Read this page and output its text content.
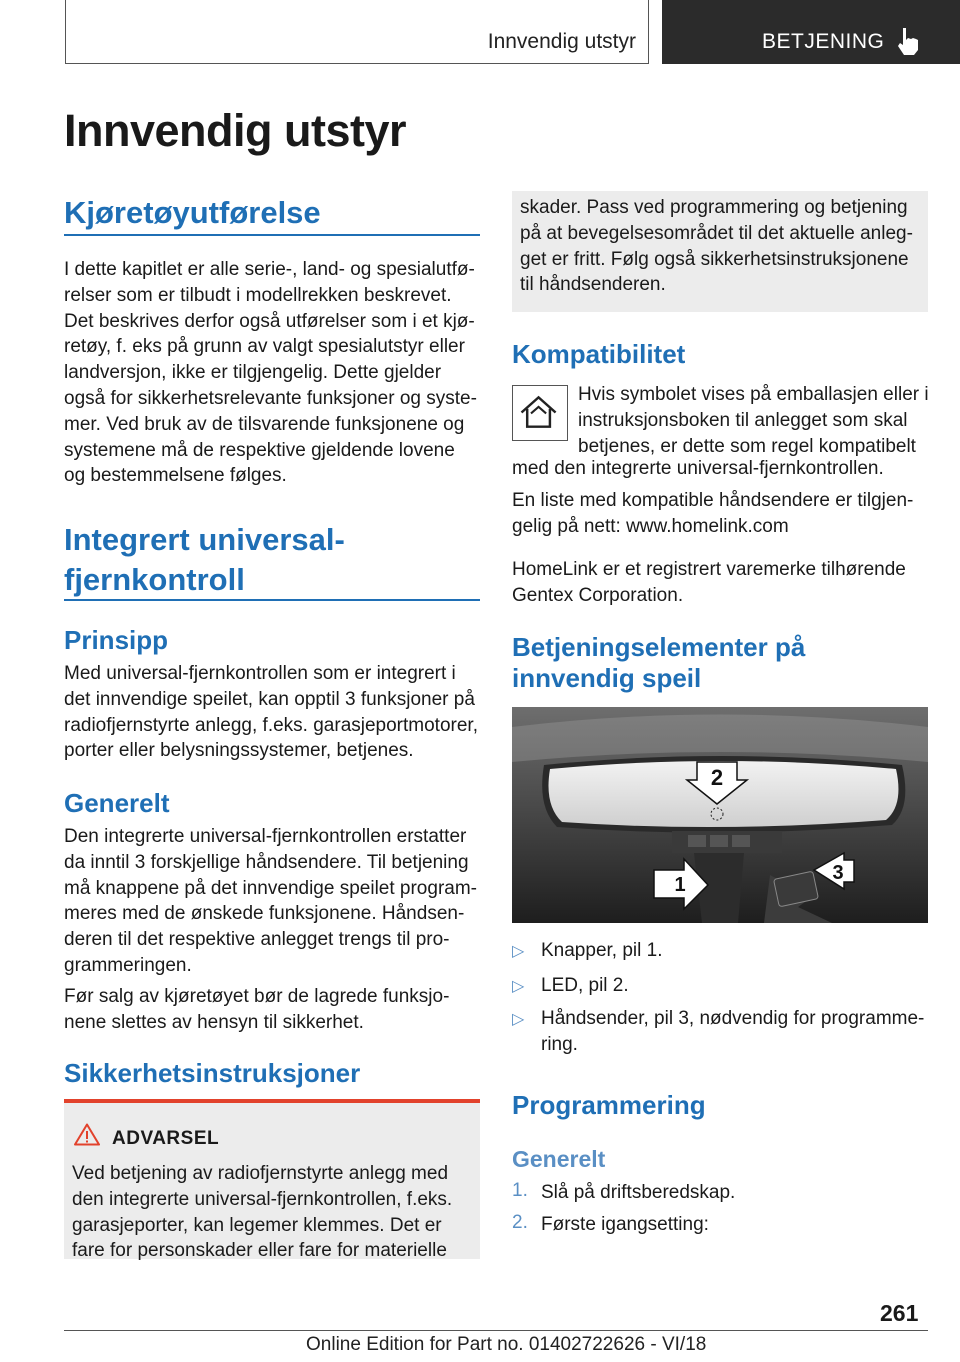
Innvendig utstyr	BETJENING
Innvendig utstyr
Kjøretøyutførelse

I dette kapitlet er alle serie-, land- og spesialutfø-
relser som er tilbudt i modellrekken beskrevet.
Det beskrives derfor også utførelser som i et kjø-
retøy, f. eks på grunn av valgt spesialutstyr eller
landversjon, ikke er tilgjengelig. Dette gjelder
også for sikkerhetsrelevante funksjoner og syste-
mer. Ved bruk av de tilsvarende funksjonene og
systemene må de respektive gjeldende lovene
og bestemmelsene følges.

Integrert universal-
fjernkontroll
Prinsipp

Med universal-fjernkontrollen som er integrert i
det innvendige speilet, kan opptil 3 funksjoner på
radiofjernstyrte anlegg, f.eks. garasjeportmotorer,
porter eller belysningssystemer, betjenes.

Generelt

Den integrerte universal-fjernkontrollen erstatter
da inntil 3 forskjellige håndsendere. Til betjening
må knappene på det innvendige speilet program-
meres med de ønskede funksjonene. Håndsen-
deren til det respektive anlegget trengs til pro-
grammeringen.

Før salg av kjøretøyet bør de lagrede funksjo-
nene slettes av hensyn til sikkerhet.

Sikkerhetsinstruksjoner
ADVARSEL

Ved betjening av radiofjernstyrte anlegg med
den integrerte universal-fjernkontrollen, f.eks.
garasjeporter, kan legemer klemmes. Det er
fare for personskader eller fare for materielle

skader. Pass ved programmering og betjening
på at bevegelsesområdet til det aktuelle anleg-
get er fritt. Følg også sikkerhetsinstruksjonene
til håndsenderen.

Kompatibilitet

Hvis symbolet vises på emballasjen eller i
instruksjonsboken til anlegget som skal
betjenes, er dette som regel kompatibelt

med den integrerte universal-fjernkontrollen.

En liste med kompatible håndsendere er tilgjen-
gelig på nett: www.homelink.com

HomeLink er et registrert varemerke tilhørende
Gentex Corporation.

Betjeningselementer på
innvendig speil
2
1
3
▷ Knapper, pil 1.

▷ LED, pil 2.

▷ Håndsender, pil 3, nødvendig for programme-
ring.

Programmering
Generelt
1. Slå på driftsberedskap.

2. Første igangsetting:

261
Online Edition for Part no. 01402722626 - VI/18
